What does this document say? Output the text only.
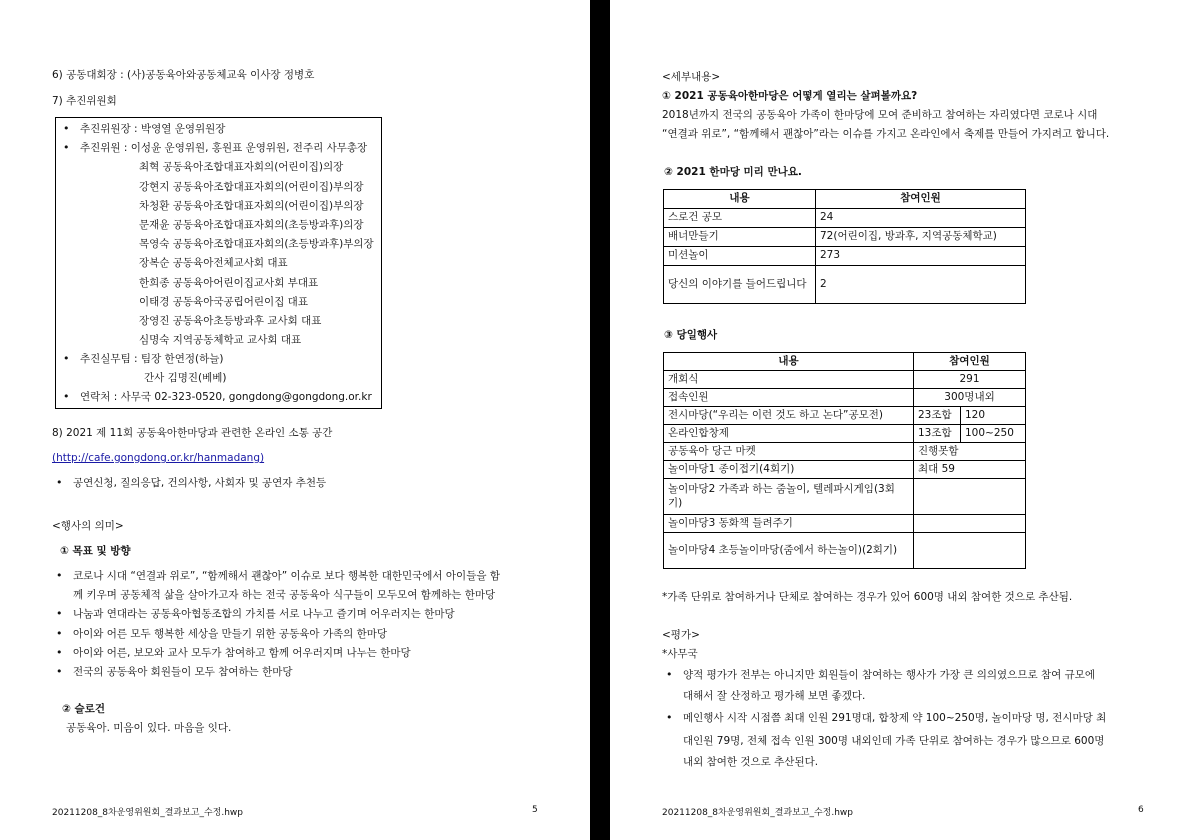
6) 공동대회장 : (사)공동육아와공동체교육 이사장 정병호
7) 추진위원회
• 추진위원장 : 박영열 운영위원장
• 추진위원 : 이성윤 운영위원, 홍원표 운영위원, 전주리 사무총장
최혁 공동육아조합대표자회의(어린이집)의장
강현지 공동육아조합대표자회의(어린이집)부의장
차청환 공동육아조합대표자회의(어린이집)부의장
문재윤 공동육아조합대표자회의(초등방과후)의장
목영숙 공동육아조합대표자회의(초등방과후)부의장
장복순 공동육아전체교사회 대표
한희종 공동육아어린이집교사회 부대표
이태경 공동육아국공립어린이집 대표
장영진 공동육아초등방과후 교사회 대표
심명숙 지역공동체학교 교사회 대표
• 추진실무팀 : 팀장 한연정(하늘)
간사 김명진(베베)
• 연락처 : 사무국 02-323-0520, gongdong@gongdong.or.kr
8) 2021 제 11회 공동육아한마당과 관련한 온라인 소통 공간
(http://cafe.gongdong.or.kr/hanmadang)
• 공연신청, 질의응답, 건의사항, 사회자 및 공연자 추천등
<행사의 의미>
① 목표 및 방향
• 코로나 시대 “연결과 위로”, “함께해서 괜찮아” 이슈로 보다 행복한 대한민국에서 아이들을 함
께 키우며 공동체적 삶을 살아가고자 하는 전국 공동육아 식구들이 모두모여 함께하는 한마당
• 나눔과 연대라는 공동육아협동조합의 가치를 서로 나누고 즐기며 어우러지는 한마당
• 아이와 어른 모두 행복한 세상을 만들기 위한 공동육아 가족의 한마당
• 아이와 어른, 보모와 교사 모두가 참여하고 함께 어우러지며 나누는 한마당
• 전국의 공동육아 회원들이 모두 참여하는 한마당
② 슬로건
공동육아. 미음이 있다. 마음을 잇다.
20211208_8차운영위원회_결과보고_수정.hwp	5
<세부내용>
① 2021 공동육아한마당은 어떻게 열리는 살펴볼까요?
2018년까지 전국의 공동육아 가족이 한마당에 모여 준비하고 참여하는 자리였다면 코로나 시대
“연결과 위로”, “함께해서 괜찮아”라는 이슈를 가지고 온라인에서 축제를 만들어 가지려고 합니다.
② 2021 한마당 미리 만나요.
내용	참여인원
스로건 공모	24
배너만들기	72(어린이집, 방과후, 지역공동체학교)
미션놀이	273
당신의 이야기를 들어드립니다	2
③ 당일행사
내용	참여인원	
개회식	291	
접속인원	300명내외	
전시마당(“우리는 이런 것도 하고 논다”공모전)	23조합	120
온라인합창제	13조합	100~250
공동육아 당근 마켓	진행못함	
놀이마당1 종이접기(4회기)	최대 59	
놀이마당2 가족과 하는 줌놀이, 텔레파시게임(3회기)		
놀이마당3 동화책 들려주기		
놀이마당4 초등놀이마당(줌에서 하는놀이)(2회기)		
*가족 단위로 참여하거나 단체로 참여하는 경우가 있어 600명 내외 참여한 것으로 추산됨.
<평가>
*사무국
• 양적 평가가 전부는 아니지만 회원들이 참여하는 행사가 가장 큰 의의였으므로 참여 규모에
대해서 잘 산정하고 평가해 보면 좋겠다.
• 메인행사 시작 시점쯤 최대 인원 291명대, 합창제 약 100~250명, 놀이마당 명, 전시마당 최
대인원 79명, 전체 접속 인원 300명 내외인데 가족 단위로 참여하는 경우가 많으므로 600명
내외 참여한 것으로 추산된다.
20211208_8차운영위원회_결과보고_수정.hwp	6
